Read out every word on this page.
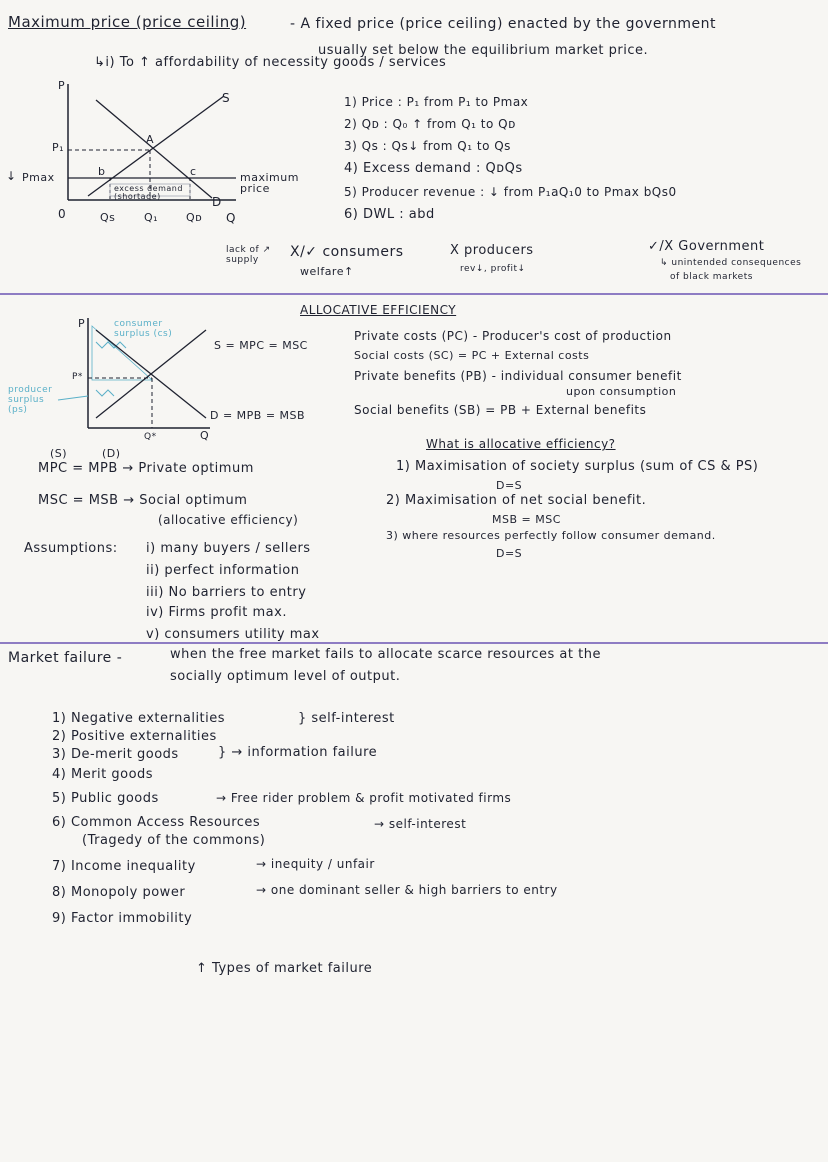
Maximum price (price ceiling)	- A fixed price (price ceiling) enacted by the government
usually set below the equilibrium market price.
↳i) To ↑ affordability of necessity goods / services
P
S
↓
P₁
Pmax
A
b	c
D
excess demand (shortage)
maximum price
0	Qs	Q₁	Qᴅ Q
1) Price : P₁ from P₁ to Pmax
2) Qᴅ : Q₀ ↑ from Q₁ to Qᴅ
3) Qs : Qs↓ from Q₁ to Qs
4) Excess demand : QᴅQs
5) Producer revenue : ↓ from P₁aQ₁0 to Pmax bQs0
6) DWL : abd
lack of ↗ supply	X/✓ consumers
welfare↑
X producers
rev↓, profit↓
✓/X Government
↳ unintended consequences
of black markets
ALLOCATIVE EFFICIENCY
P	consumer surplus (cs)
S = MPC = MSC
D = MPB = MSB
P*
producer surplus (ps)
Q*	Q
Private costs (PC) - Producer's cost of production
Social costs (SC) = PC + External costs
Private benefits (PB) - individual consumer benefit
upon consumption
Social benefits (SB) = PB + External benefits
What is allocative efficiency?
1) Maximisation of society surplus (sum of CS & PS)
D=S
2) Maximisation of net social benefit.
MSB = MSC
3) where resources perfectly follow consumer demand.
D=S
(S)	(D)
MPC = MPB → Private optimum
MSC = MSB → Social optimum
(allocative efficiency)
Assumptions: i) many buyers / sellers
ii) perfect information
iii) No barriers to entry
iv) Firms profit max.
v) consumers utility max
Market failure -	when the free market fails to allocate scarce resources at the
socially optimum level of output.
1) Negative externalities
2) Positive externalities
3) De-merit goods
4) Merit goods
5) Public goods
6) Common Access Resources
(Tragedy of the commons)
7) Income inequality
8) Monopoly power
9) Factor immobility
} self-interest
} → information failure
→ Free rider problem & profit motivated firms
→ self-interest
→ inequity / unfair
→ one dominant seller & high barriers to entry
↑ Types of market failure
